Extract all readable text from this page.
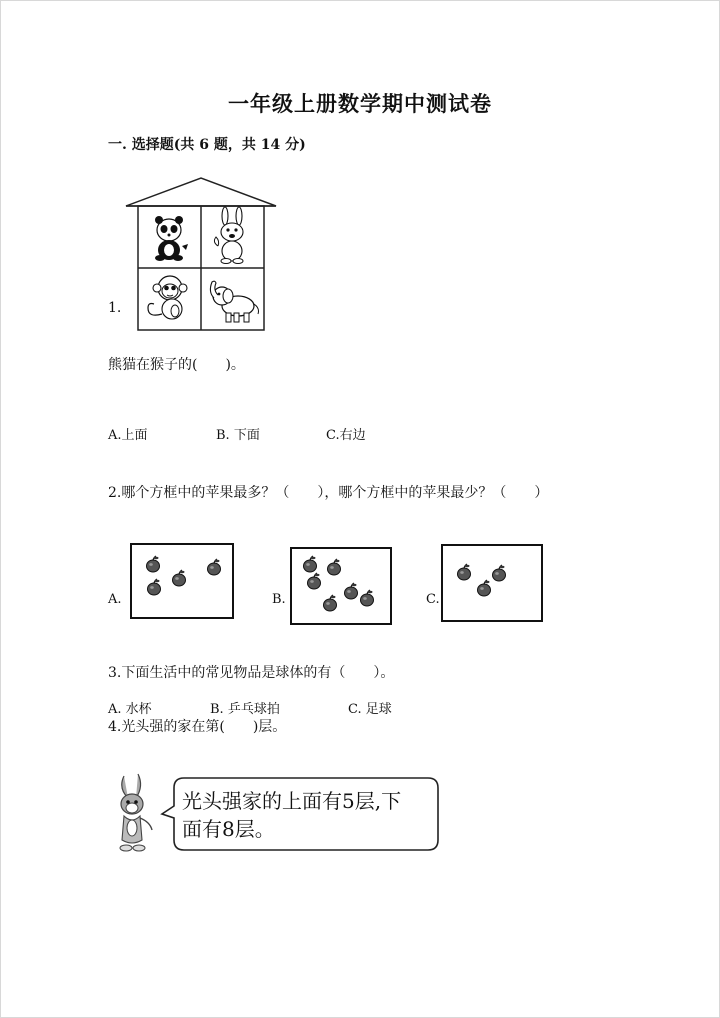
一年级上册数学期中测试卷
一. 选择题(共 6 题，共 14 分)
1.
熊猫在猴子的(　　)。
A.上面	B. 下面	C.右边
2.哪个方框中的苹果最多？（　　），哪个方框中的苹果最少？（　　）
A.	B.	C.
3.下面生活中的常见物品是球体的有（　　）。
A. 水杯	B. 乒乓球拍	C. 足球
4.光头强的家在第(　　)层。
光头强家的上面有5层,下
面有8层。
